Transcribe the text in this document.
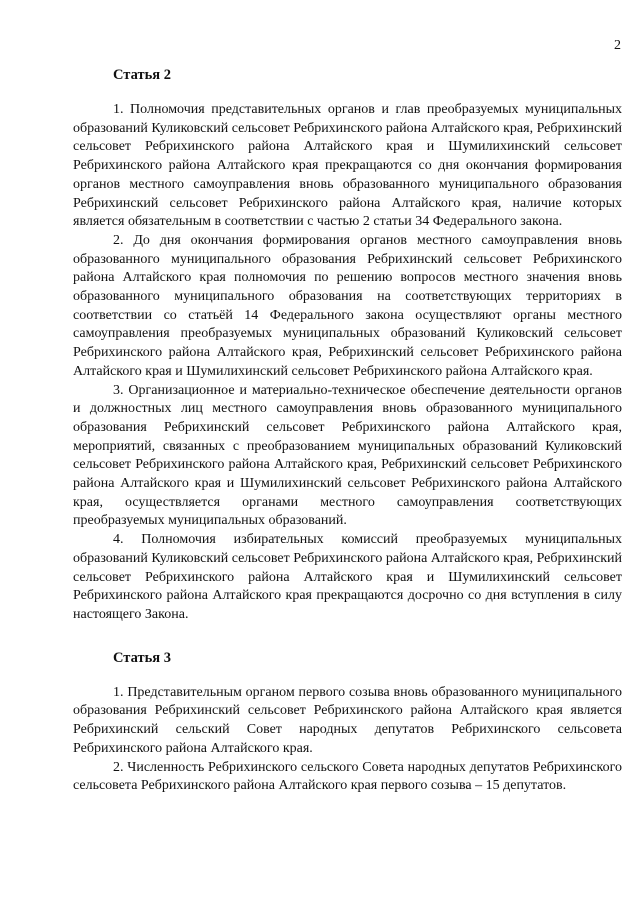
2
Статья 2

1. Полномочия представительных органов и глав преобразуемых муниципальных образований Куликовский сельсовет Ребрихинского района Алтайского края, Ребрихинский сельсовет Ребрихинского района Алтайского края и Шумилихинский сельсовет Ребрихинского района Алтайского края прекращаются со дня окончания формирования органов местного самоуправления вновь образованного муниципального образования Ребрихинский сельсовет Ребрихинского района Алтайского края, наличие которых является обязательным в соответствии с частью 2 статьи 34 Федерального закона.

2. До дня окончания формирования органов местного самоуправления вновь образованного муниципального образования Ребрихинский сельсовет Ребрихинского района Алтайского края полномочия по решению вопросов местного значения вновь образованного муниципального образования на соответствующих территориях в соответствии со статьёй 14 Федерального закона осуществляют органы местного самоуправления преобразуемых муниципальных образований Куликовский сельсовет Ребрихинского района Алтайского края, Ребрихинский сельсовет Ребрихинского района Алтайского края и Шумилихинский сельсовет Ребрихинского района Алтайского края.

3. Организационное и материально-техническое обеспечение деятельности органов и должностных лиц местного самоуправления вновь образованного муниципального образования Ребрихинский сельсовет Ребрихинского района Алтайского края, мероприятий, связанных с преобразованием муниципальных образований Куликовский сельсовет Ребрихинского района Алтайского края, Ребрихинский сельсовет Ребрихинского района Алтайского края и Шумилихинский сельсовет Ребрихинского района Алтайского края, осуществляется органами местного самоуправления соответствующих преобразуемых муниципальных образований.

4. Полномочия избирательных комиссий преобразуемых муниципальных образований Куликовский сельсовет Ребрихинского района Алтайского края, Ребрихинский сельсовет Ребрихинского района Алтайского края и Шумилихинский сельсовет Ребрихинского района Алтайского края прекращаются досрочно со дня вступления в силу настоящего Закона.

Статья 3

1. Представительным органом первого созыва вновь образованного муниципального образования Ребрихинский сельсовет Ребрихинского района Алтайского края является Ребрихинский сельский Совет народных депутатов Ребрихинского сельсовета Ребрихинского района Алтайского края.

2. Численность Ребрихинского сельского Совета народных депутатов Ребрихинского сельсовета Ребрихинского района Алтайского края первого созыва – 15 депутатов.
